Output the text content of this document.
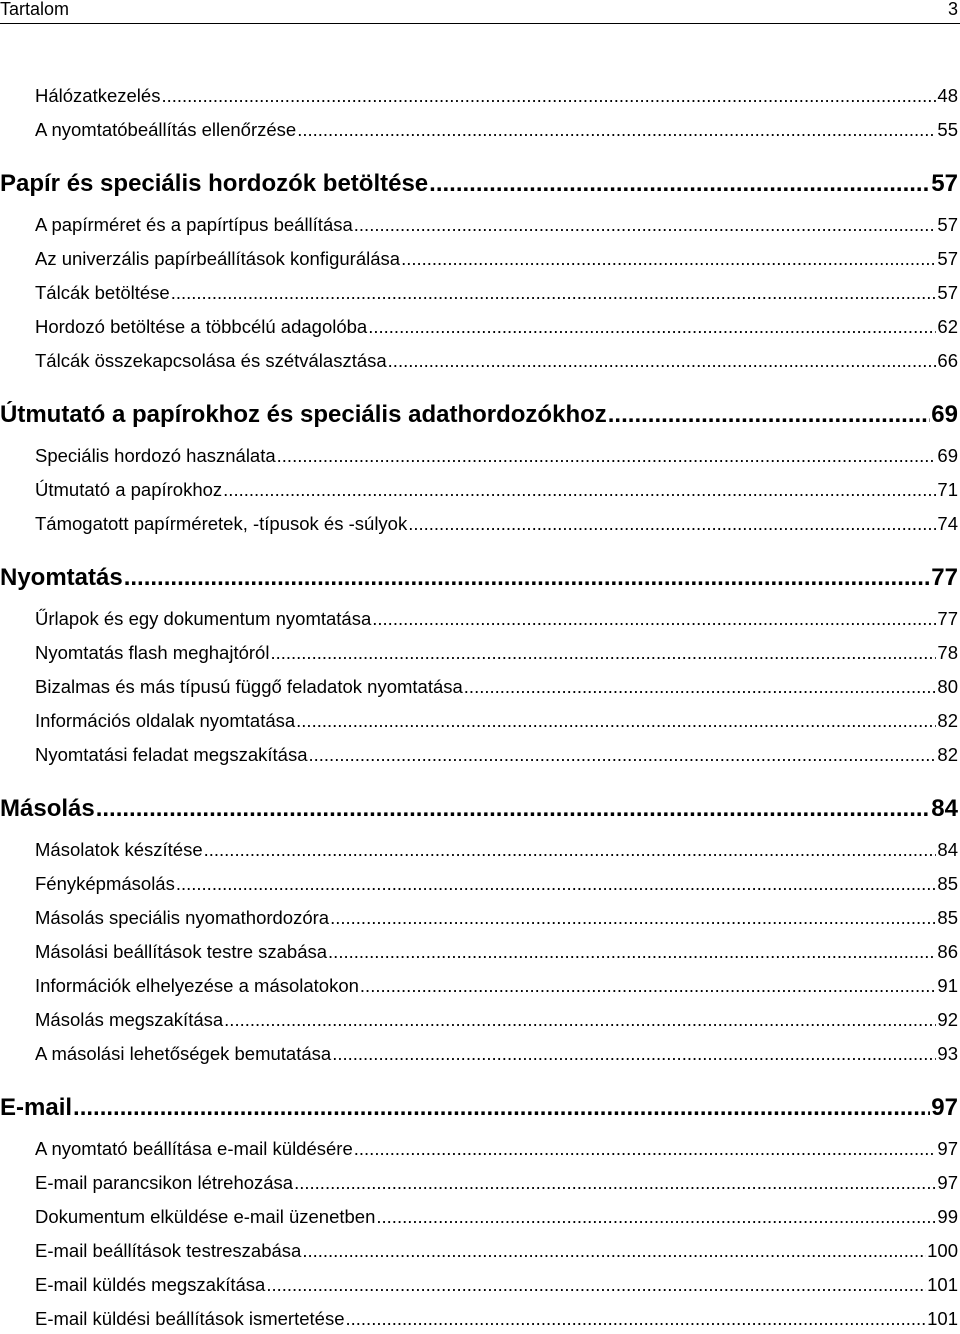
Tartalom	3
Hálózatkezelés .....	48
A nyomtatóbeállítás ellenőrzése .....	55
Papír és speciális hordozók betöltése .....	57
A papírméret és a papírtípus beállítása .....	57
Az univerzális papírbeállítások konfigurálása .....	57
Tálcák betöltése .....	57
Hordozó betöltése a többcélú adagolóba .....	62
Tálcák összekapcsolása és szétválasztása .....	66
Útmutató a papírokhoz és speciális adathordozókhoz .....	69
Speciális hordozó használata .....	69
Útmutató a papírokhoz .....	71
Támogatott papírméretek, -típusok és -súlyok .....	74
Nyomtatás .....	77
Űrlapok és egy dokumentum nyomtatása .....	77
Nyomtatás flash meghajtóról .....	78
Bizalmas és más típusú függő feladatok nyomtatása .....	80
Információs oldalak nyomtatása .....	82
Nyomtatási feladat megszakítása .....	82
Másolás .....	84
Másolatok készítése .....	84
Fényképmásolás .....	85
Másolás speciális nyomathordozóra .....	85
Másolási beállítások testre szabása .....	86
Információk elhelyezése a másolatokon .....	91
Másolás megszakítása .....	92
A másolási lehetőségek bemutatása .....	93
E-mail .....	97
A nyomtató beállítása e-mail küldésére .....	97
E-mail parancsikon létrehozása .....	97
Dokumentum elküldése e-mail üzenetben .....	99
E-mail beállítások testreszabása .....	100
E-mail küldés megszakítása .....	101
E-mail küldési beállítások ismertetése .....	101
